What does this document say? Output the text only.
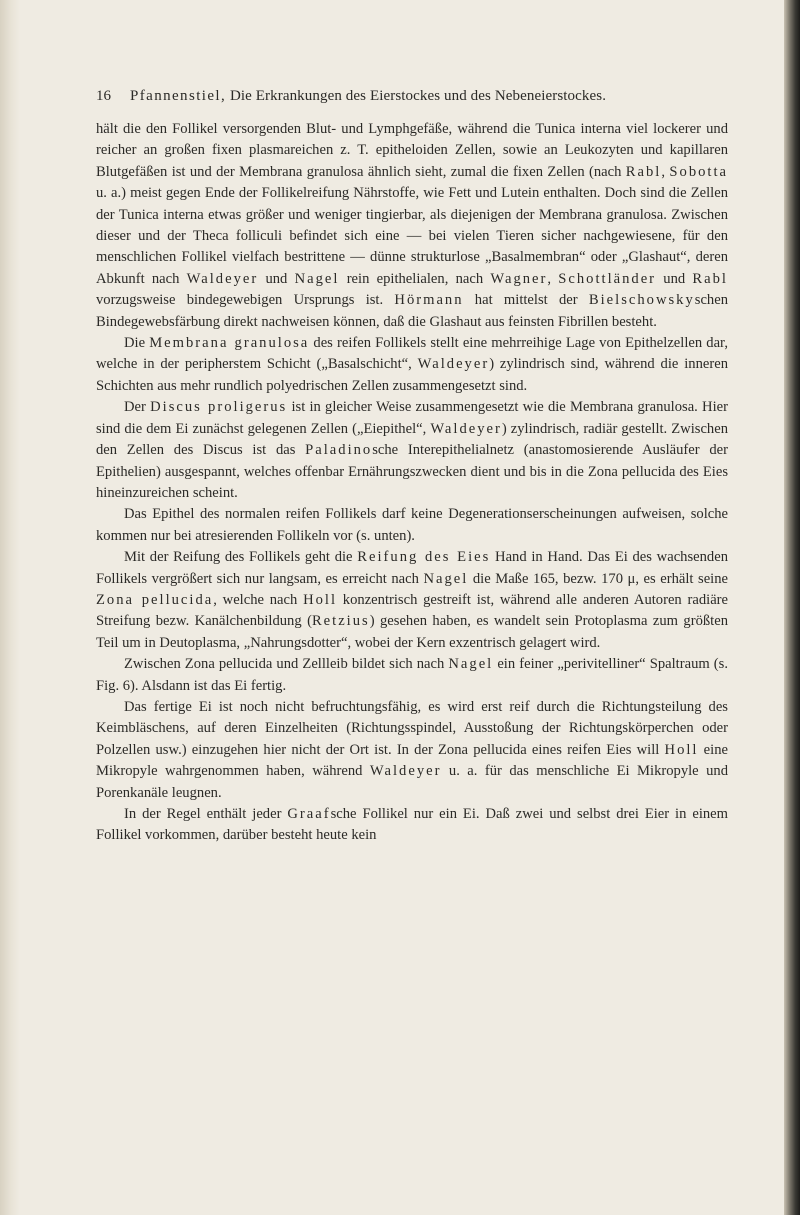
16	Pfannenstiel, Die Erkrankungen des Eierstockes und des Nebeneierstockes.

hält die den Follikel versorgenden Blut- und Lymphgefäße, während die Tunica interna viel lockerer und reicher an großen fixen plasmareichen z. T. epitheloiden Zellen, sowie an Leukozyten und kapillaren Blutgefäßen ist und der Membrana granulosa ähnlich sieht, zumal die fixen Zellen (nach Rabl, Sobotta u. a.) meist gegen Ende der Follikelreifung Nährstoffe, wie Fett und Lutein enthalten. Doch sind die Zellen der Tunica interna etwas größer und weniger tingierbar, als diejenigen der Membrana granulosa. Zwischen dieser und der Theca folliculi befindet sich eine — bei vielen Tieren sicher nachgewiesene, für den menschlichen Follikel vielfach bestrittene — dünne strukturlose „Basalmembran“ oder „Glashaut“, deren Abkunft nach Waldeyer und Nagel rein epithelialen, nach Wagner, Schottländer und Rabl vorzugsweise bindegewebigen Ursprungs ist. Hörmann hat mittelst der Bielschowskyschen Bindegewebsfärbung direkt nachweisen können, daß die Glashaut aus feinsten Fibrillen besteht.

Die Membrana granulosa des reifen Follikels stellt eine mehrreihige Lage von Epithelzellen dar, welche in der peripherstem Schicht („Basalschicht“, Waldeyer) zylindrisch sind, während die inneren Schichten aus mehr rundlich polyedrischen Zellen zusammengesetzt sind.

Der Discus proligerus ist in gleicher Weise zusammengesetzt wie die Membrana granulosa. Hier sind die dem Ei zunächst gelegenen Zellen („Eiepithel“, Waldeyer) zylindrisch, radiär gestellt. Zwischen den Zellen des Discus ist das Paladinosche Interepithelialnetz (anastomosierende Ausläufer der Epithelien) ausgespannt, welches offenbar Ernährungszwecken dient und bis in die Zona pellucida des Eies hineinzureichen scheint.

Das Epithel des normalen reifen Follikels darf keine Degenerationserscheinungen aufweisen, solche kommen nur bei atresierenden Follikeln vor (s. unten).

Mit der Reifung des Follikels geht die Reifung des Eies Hand in Hand. Das Ei des wachsenden Follikels vergrößert sich nur langsam, es erreicht nach Nagel die Maße 165, bezw. 170 μ, es erhält seine Zona pellucida, welche nach Holl konzentrisch gestreift ist, während alle anderen Autoren radiäre Streifung bezw. Kanälchenbildung (Retzius) gesehen haben, es wandelt sein Protoplasma zum größten Teil um in Deutoplasma, „Nahrungsdotter“, wobei der Kern exzentrisch gelagert wird.

Zwischen Zona pellucida und Zellleib bildet sich nach Nagel ein feiner „perivitelliner“ Spaltraum (s. Fig. 6). Alsdann ist das Ei fertig.

Das fertige Ei ist noch nicht befruchtungsfähig, es wird erst reif durch die Richtungsteilung des Keimbläschens, auf deren Einzelheiten (Richtungsspindel, Ausstoßung der Richtungskörperchen oder Polzellen usw.) einzugehen hier nicht der Ort ist. In der Zona pellucida eines reifen Eies will Holl eine Mikropyle wahrgenommen haben, während Waldeyer u. a. für das menschliche Ei Mikropyle und Porenkanäle leugnen.

In der Regel enthält jeder Graafsche Follikel nur ein Ei. Daß zwei und selbst drei Eier in einem Follikel vorkommen, darüber besteht heute kein
